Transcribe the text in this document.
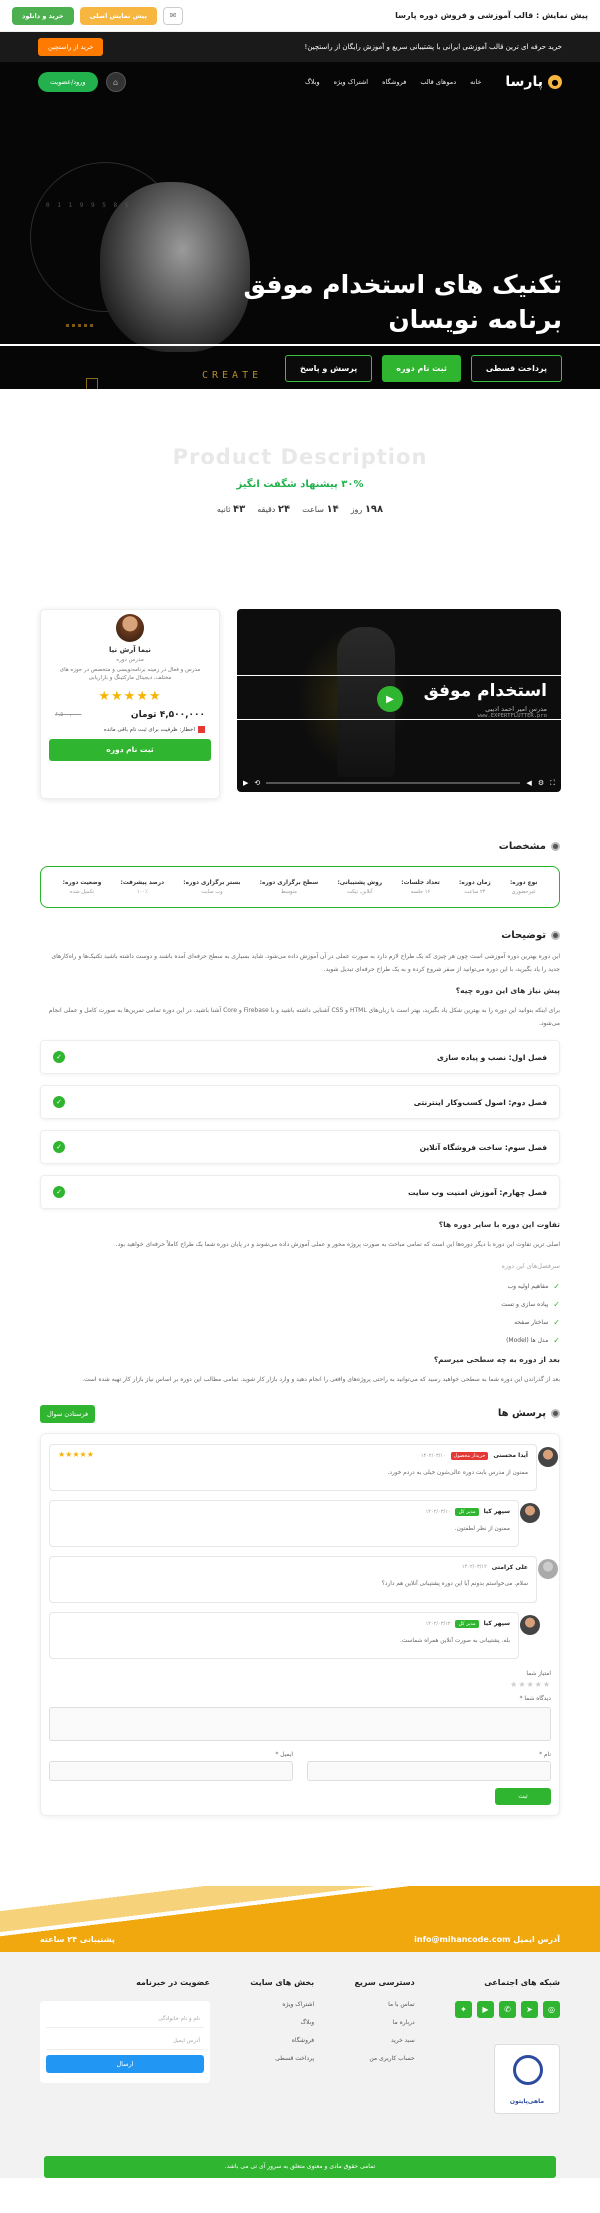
پیش نمایش : قالب آموزشی و فروش دوره پارسا
خرید و دانلود	پیش نمایش اصلی	✉
خرید حرفه ای ترین قالب آموزشی ایرانی با پشتیبانی سریع و آموزش رایگان از راستچین!
خرید از راستچین
●
پارسا
خانه
دموهای قالب
فروشگاه
اشتراک ویژه
وبلاگ
ورود/عضویت	⌂
$ 8 5 9 9 1 1 0
CREATE
تکنیک های استخدام موفق برنامه نویسان
پرداخت قسطی
ثبت نام دوره
پرسش و پاسخ
Product Description
۳۰% پیشنهاد شگفت انگیز
۱۹۸ روز
۱۴ ساعت
۲۴ دقیقه
۴۳ ثانیه
▶	استخدام موفق
مدرس امیر احمد ادیبی
www.EXPERTFLUTTER.pro
▶ ⟲	◀ ⚙ ⛶
نیما آرش نیا
مدرس دوره
مدرس و فعال در زمینه برنامه‌نویسی و متخصص در حوزه های مختلف، دیجیتال مارکتینگ و بازاریابی
★★★★★
۴,۵۰۰,۰۰۰ تومان
۶,۵۰۰,۰۰۰
اخطار: ظرفیت برای ثبت نام باقی مانده
ثبت نام دوره
مشخصات
نوع دوره:
غیرحضوری
زمان دوره:
۲۴ ساعت
تعداد جلسات:
۱۶ جلسه
روش پشتیبانی:
آنلاین، تیکت
سطح برگزاری دوره:
متوسط
بستر برگزاری دوره:
وب سایت
درصد پیشرفت:
۱۰۰٪
وضعیت دوره:
تکمیل شده
توضیحات
این دوره بهترین دوره آموزشی است چون هر چیزی که یک طراح لازم دارد به صورت عملی در آن آموزش داده می‌شود. شاید بسیاری به سطح حرفه‌ای آمده باشند و دوست داشته باشید تکنیک‌ها و راه‌کارهای جدید را یاد بگیرید، با این دوره می‌توانید از صفر شروع کرده و به یک طراح حرفه‌ای تبدیل شوید.
پیش نیاز های این دوره چیه؟
برای اینکه بتوانید این دوره را به بهترین شکل یاد بگیرید، بهتر است با زبان‌های HTML و CSS آشنایی داشته باشید و با Firebase و Core آشنا باشید. در این دوره تمامی تمرین‌ها به صورت کامل و عملی انجام می‌شود.
فصل اول: نصب و پیاده سازی
✓
فصل دوم: اصول کسب‌وکار اینترنتی
✓
فصل سوم: ساخت فروشگاه آنلاین
✓
فصل چهارم: آموزش امنیت وب سایت
✓
تفاوت این دوره با سایر دوره ها؟
اصلی ترین تفاوت این دوره با دیگر دوره‌ها این است که تمامی مباحث به صورت پروژه محور و عملی آموزش داده می‌شوند و در پایان دوره شما یک طراح کاملاً حرفه‌ای خواهید بود.
سرفصل‌های این دوره
✓
مفاهیم اولیه وب
✓
پیاده سازی و تست
✓
ساختار صفحه
✓
مدل ها (Model)
بعد از دوره به چه سطحی میرسم؟
بعد از گذراندن این دوره شما به سطحی خواهید رسید که می‌توانید به راحتی پروژه‌های واقعی را انجام دهید و وارد بازار کار شوید. تمامی مطالب این دوره بر اساس نیاز بازار کار تهیه شده است.
پرسش ها
فرستادن سوال
آیدا محسنی
خریدار محصول
۱۴۰۲/۰۳/۱۰
ممنون از مدرس بابت دوره عالی‌شون خیلی به دردم خورد.
★★★★★
سپهر کیا
مدیر کل
۱۴۰۲/۰۳/۱۰
ممنون از نظر لطفتون.
علی کرامتی
۱۴۰۲/۰۳/۱۲
سلام. می‌خواستم بدونم آیا این دوره پشتیبانی آنلاین هم دارد؟
سپهر کیا
مدیر کل
۱۴۰۲/۰۳/۱۲
بله. پشتیبانی به صورت آنلاین همراه شماست.
امتیاز شما
★★★★★
دیدگاه شما *
نام *
ایمیل *
ثبت
آدرس ایمیل info@mihancode.com
پشتیبانی ۲۴ ساعته
شبکه های اجتماعی
◎
➤
✆
▶
✦
ماهی‌پایتون
دسترسی سریع
تماس با ما
درباره ما
سبد خرید
حساب کاربری من
بخش های سایت
اشتراک ویژه
وبلاگ
فروشگاه
پرداخت قسطی
عضویت در خبرنامه
نام و نام خانوادگی
آدرس ایمیل
ارسال
تمامی حقوق مادی و معنوی متعلق به سرور آی تی می باشد.
